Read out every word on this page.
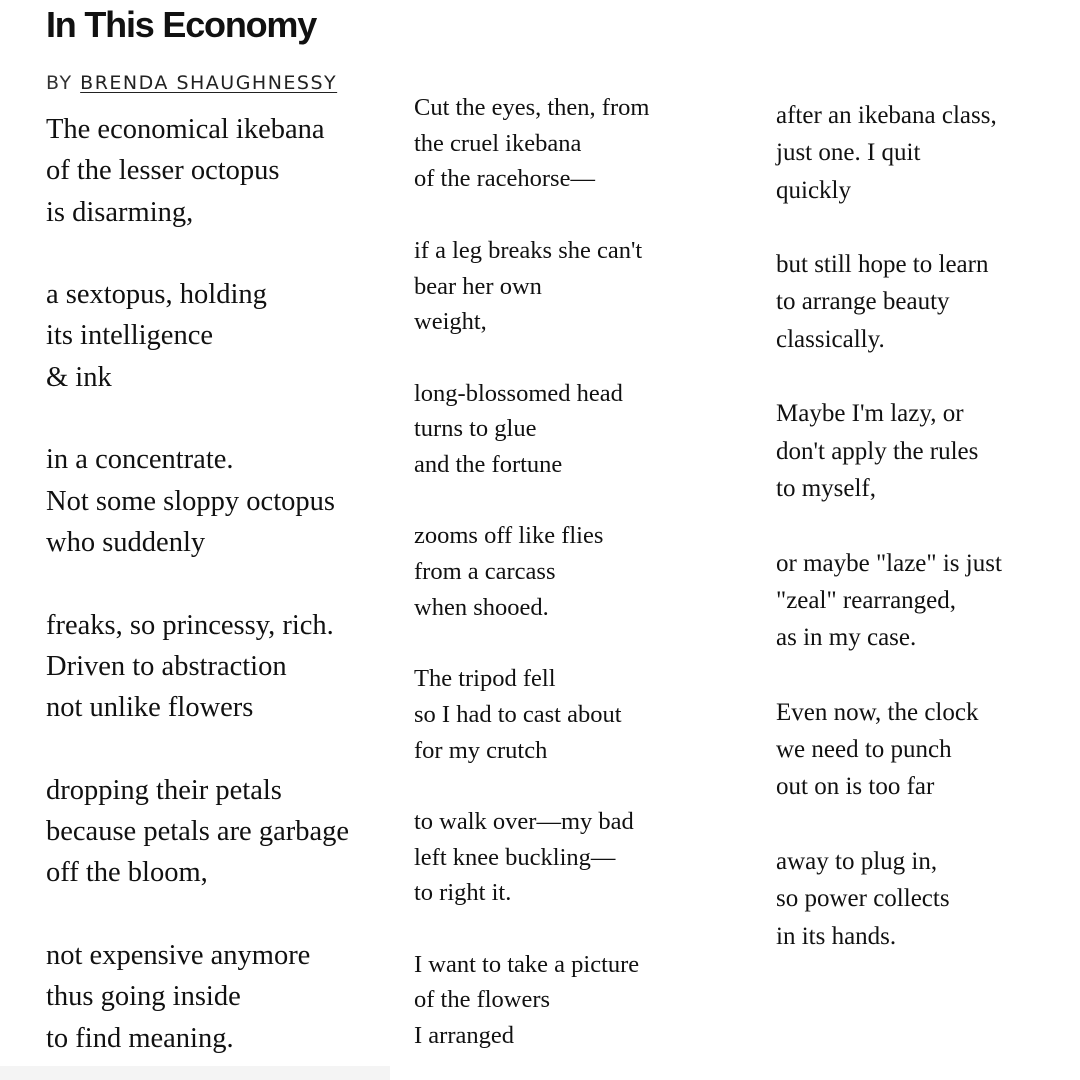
In This Economy
BY BRENDA SHAUGHNESSY
The economical ikebana
of the lesser octopus
is disarming,
a sextopus, holding
its intelligence
& ink
in a concentrate.
Not some sloppy octopus
who suddenly
freaks, so princessy, rich.
Driven to abstraction
not unlike flowers
dropping their petals
because petals are garbage
off the bloom,
not expensive anymore
thus going inside
to find meaning.
Cut the eyes, then, from
the cruel ikebana
of the racehorse—
if a leg breaks she can't
bear her own
weight,
long-blossomed head
turns to glue
and the fortune
zooms off like flies
from a carcass
when shooed.
The tripod fell
so I had to cast about
for my crutch
to walk over—my bad
left knee buckling—
to right it.
I want to take a picture
of the flowers
I arranged
after an ikebana class,
just one. I quit
quickly
but still hope to learn
to arrange beauty
classically.
Maybe I'm lazy, or
don't apply the rules
to myself,
or maybe "laze" is just
"zeal" rearranged,
as in my case.
Even now, the clock
we need to punch
out on is too far
away to plug in,
so power collects
in its hands.
